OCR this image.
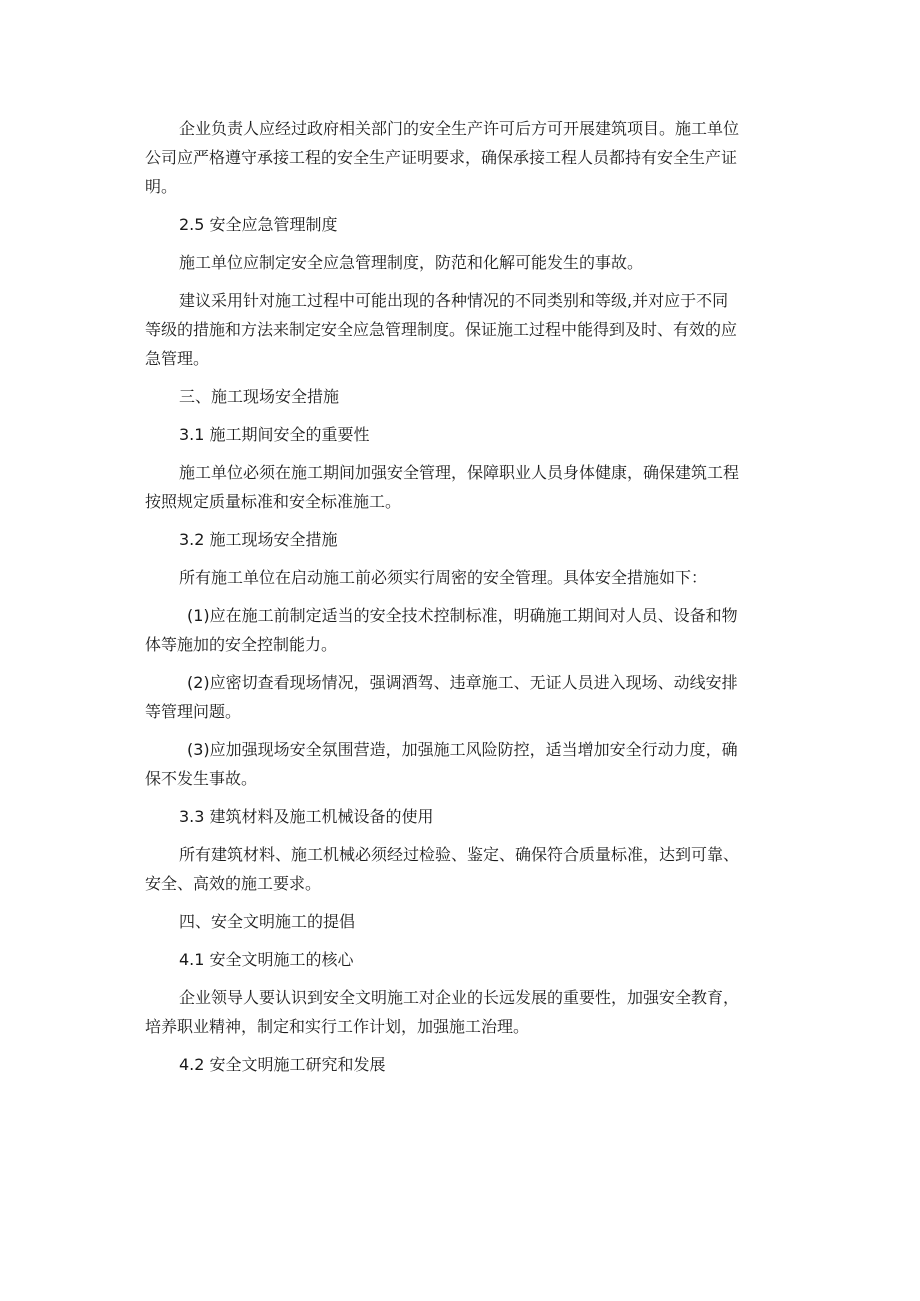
企业负责人应经过政府相关部门的安全生产许可后方可开展建筑项目。施工单位
公司应严格遵守承接工程的安全生产证明要求，确保承接工程人员都持有安全生产证
明。
2.5 安全应急管理制度
施工单位应制定安全应急管理制度，防范和化解可能发生的事故。
建议采用针对施工过程中可能出现的各种情况的不同类别和等级,并对应于不同
等级的措施和方法来制定安全应急管理制度。保证施工过程中能得到及时、有效的应
急管理。
三、施工现场安全措施
3.1 施工期间安全的重要性
施工单位必须在施工期间加强安全管理，保障职业人员身体健康，确保建筑工程
按照规定质量标准和安全标准施工。
3.2 施工现场安全措施
所有施工单位在启动施工前必须实行周密的安全管理。具体安全措施如下：
(1)应在施工前制定适当的安全技术控制标准，明确施工期间对人员、设备和物
体等施加的安全控制能力。
(2)应密切查看现场情况，强调酒驾、违章施工、无证人员进入现场、动线安排
等管理问题。
(3)应加强现场安全氛围营造，加强施工风险防控，适当增加安全行动力度，确
保不发生事故。
3.3 建筑材料及施工机械设备的使用
所有建筑材料、施工机械必须经过检验、鉴定、确保符合质量标准，达到可靠、
安全、高效的施工要求。
四、安全文明施工的提倡
4.1 安全文明施工的核心
企业领导人要认识到安全文明施工对企业的长远发展的重要性，加强安全教育，
培养职业精神，制定和实行工作计划，加强施工治理。
4.2 安全文明施工研究和发展
